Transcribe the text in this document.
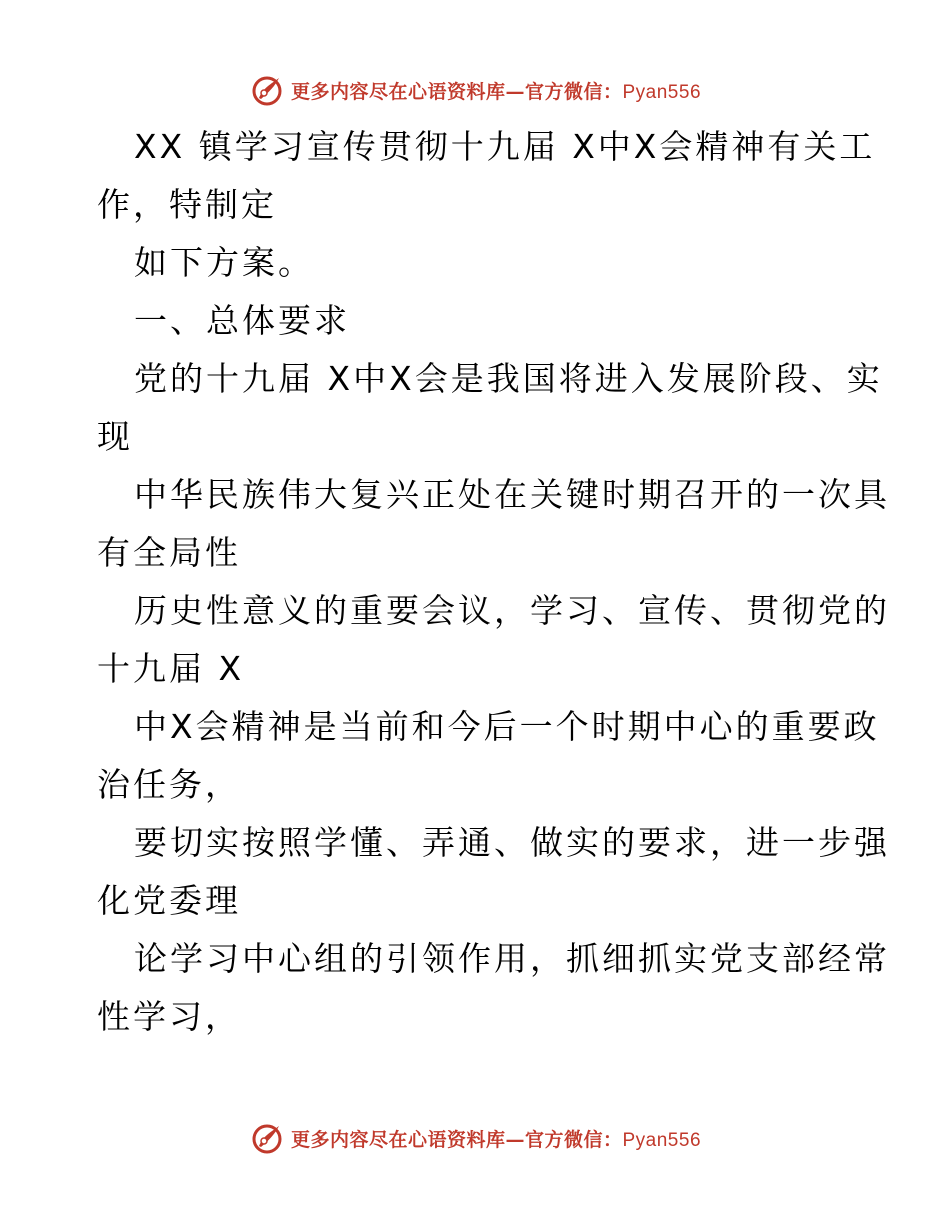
更多内容尽在心语资料库—官方微信：Pyan556
XX 镇学习宣传贯彻十九届 X中X会精神有关工
作，特制定
如下方案。
一、总体要求
党的十九届 X中X会是我国将进入发展阶段、实
现
中华民族伟大复兴正处在关键时期召开的一次具
有全局性
历史性意义的重要会议，学习、宣传、贯彻党的
十九届 X
中X会精神是当前和今后一个时期中心的重要政
治任务，
要切实按照学懂、弄通、做实的要求，进一步强
化党委理
论学习中心组的引领作用，抓细抓实党支部经常
性学习，
更多内容尽在心语资料库—官方微信：Pyan556
